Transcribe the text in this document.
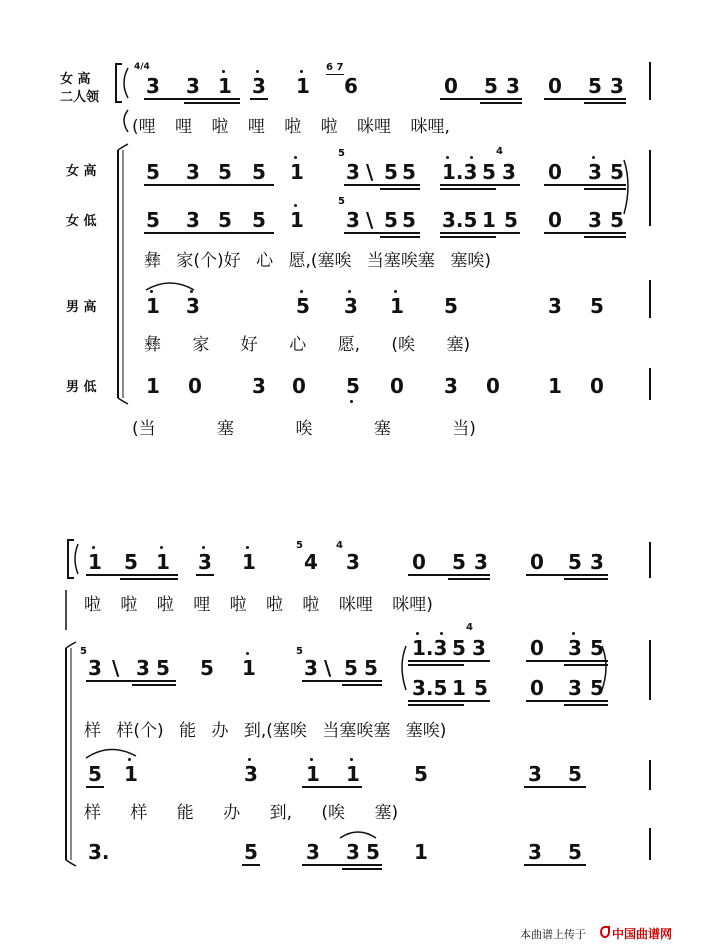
女 高
二人领
女 高
女 低
男 高
男 低
4/4
3 3 1 3 1
6 7
6	0 5 3 0 5 3
(哩 哩 啦 哩 啦 啦 咪哩 咪哩,
5 3 5 5 1
5
3 \ 5 5 1.3 5
4
3 0 3 5
5 3 5 5 1
5
3 \ 5 5 3.5 1 5 0 3 5
彝 家(个)好 心 愿,(塞唉 当塞唉塞 塞唉)
1 3	5 3 1 5	3 5
彝 家 好 心 愿, (唉 塞)
1 0	3 0 5 0 3 0 1 0
(当 塞 唉 塞 当)
1 5 1 3 1
5
4
4
3	0 5 3 0 5 3
啦 啦 啦 哩 啦 啦 啦 咪哩 咪哩)
5
3 \ 3 5 5 1
5
3 \ 5 5
1.3 5
4
3 0 3 5
3.5 1 5 0 3 5
样 样(个) 能 办 到,(塞唉 当塞唉塞 塞唉)
5 1	3 1 1	5	3 5
样 样 能 办 到, (唉 塞)
3.	5 3 3 5 1	3 5
本曲谱上传于 中国曲谱网
